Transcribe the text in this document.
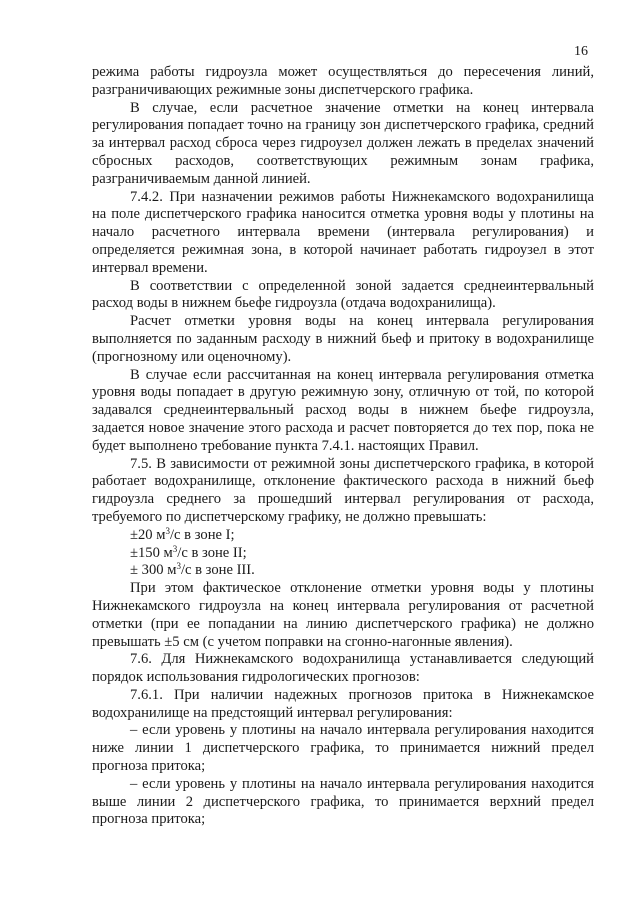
16

режима работы гидроузла может осуществляться до пересечения линий, разграничивающих режимные зоны диспетчерского графика.

В случае, если расчетное значение отметки на конец интервала регулирования попадает точно на границу зон диспетчерского графика, средний за интервал расход сброса через гидроузел должен лежать в пределах значений сбросных расходов, соответствующих режимным зонам графика, разграничиваемым данной линией.

7.4.2. При назначении режимов работы Нижнекамского водохранилища на поле диспетчерского графика наносится отметка уровня воды у плотины на начало расчетного интервала времени (интервала регулирования) и определяется режимная зона, в которой начинает работать гидроузел в этот интервал времени.

В соответствии с определенной зоной задается среднеинтервальный расход воды в нижнем бьефе гидроузла (отдача водохранилища).

Расчет отметки уровня воды на конец интервала регулирования выполняется по заданным расходу в нижний бьеф и притоку в водохранилище (прогнозному или оценочному).

В случае если рассчитанная на конец интервала регулирования отметка уровня воды попадает в другую режимную зону, отличную от той, по которой задавался среднеинтервальный расход воды в нижнем бьефе гидроузла, задается новое значение этого расхода и расчет повторяется до тех пор, пока не будет выполнено требование пункта 7.4.1. настоящих Правил.

7.5. В зависимости от режимной зоны диспетчерского графика, в которой работает водохранилище, отклонение фактического расхода в нижний бьеф гидроузла среднего за прошедший интервал регулирования от расхода, требуемого по диспетчерскому графику, не должно превышать:

±20 $м^3/с$ в зоне I;

±150 $м^3/с$ в зоне II;

± 300 $м^3/с$ в зоне III.

При этом фактическое отклонение отметки уровня воды у плотины Нижнекамского гидроузла на конец интервала регулирования от расчетной отметки (при ее попадании на линию диспетчерского графика) не должно превышать ±5 см (с учетом поправки на сгонно-нагонные явления).

7.6. Для Нижнекамского водохранилища устанавливается следующий порядок использования гидрологических прогнозов:

7.6.1. При наличии надежных прогнозов притока в Нижнекамское водохранилище на предстоящий интервал регулирования:

– если уровень у плотины на начало интервала регулирования находится ниже линии 1 диспетчерского графика, то принимается нижний предел прогноза притока;

– если уровень у плотины на начало интервала регулирования находится выше линии 2 диспетчерского графика, то принимается верхний предел прогноза притока;
